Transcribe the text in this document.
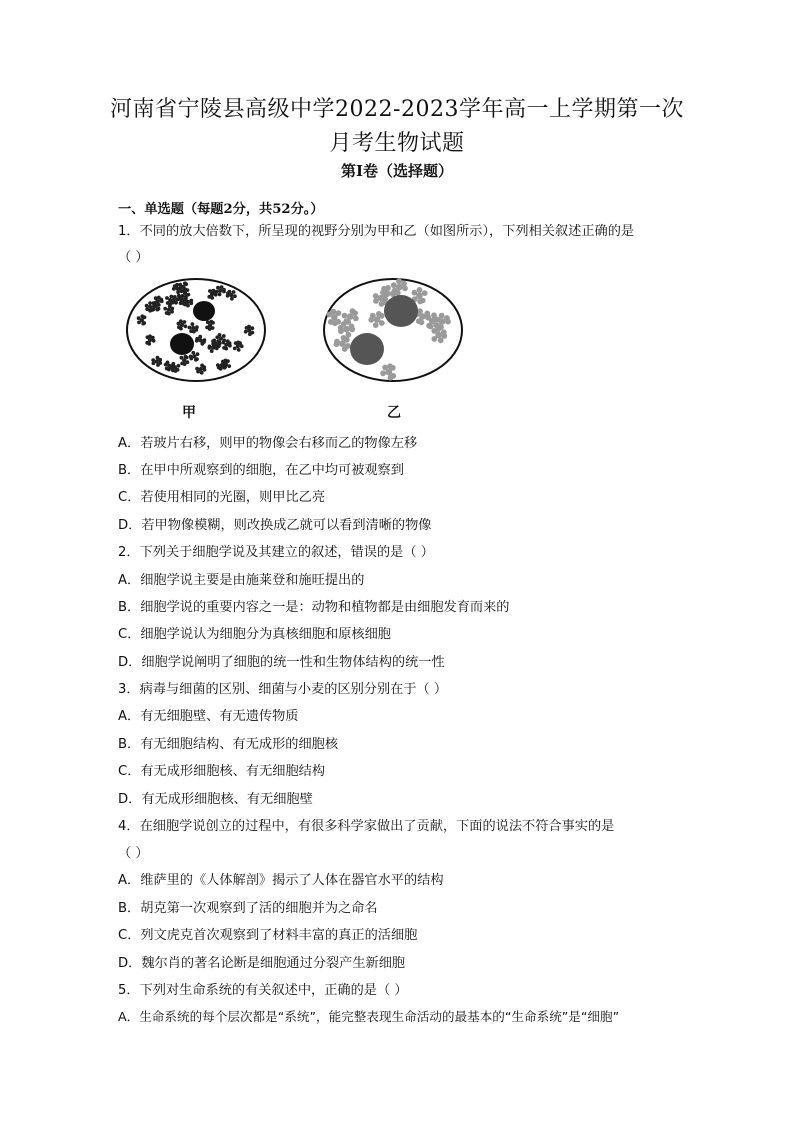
河南省宁陵县高级中学2022-2023学年高一上学期第一次
月考生物试题
第I卷（选择题）
一、单选题（每题2分，共52分。）
1．不同的放大倍数下，所呈现的视野分别为甲和乙（如图所示），下列相关叙述正确的是
（ ）
甲	乙
A．若玻片右移，则甲的物像会右移而乙的物像左移
B．在甲中所观察到的细胞，在乙中均可被观察到
C．若使用相同的光圈，则甲比乙亮
D．若甲物像模糊，则改换成乙就可以看到清晰的物像
2．下列关于细胞学说及其建立的叙述，错误的是（ ）
A．细胞学说主要是由施莱登和施旺提出的
B．细胞学说的重要内容之一是：动物和植物都是由细胞发育而来的
C．细胞学说认为细胞分为真核细胞和原核细胞
D．细胞学说阐明了细胞的统一性和生物体结构的统一性
3．病毒与细菌的区别、细菌与小麦的区别分别在于（ ）
A．有无细胞壁、有无遗传物质
B．有无细胞结构、有无成形的细胞核
C．有无成形细胞核、有无细胞结构
D．有无成形细胞核、有无细胞壁
4．在细胞学说创立的过程中，有很多科学家做出了贡献，下面的说法不符合事实的是
（ ）
A．维萨里的《人体解剖》揭示了人体在器官水平的结构
B．胡克第一次观察到了活的细胞并为之命名
C．列文虎克首次观察到了材料丰富的真正的活细胞
D．魏尔肖的著名论断是细胞通过分裂产生新细胞
5．下列对生命系统的有关叙述中，正确的是（ ）
A．生命系统的每个层次都是“系统”，能完整表现生命活动的最基本的“生命系统”是“细胞”
